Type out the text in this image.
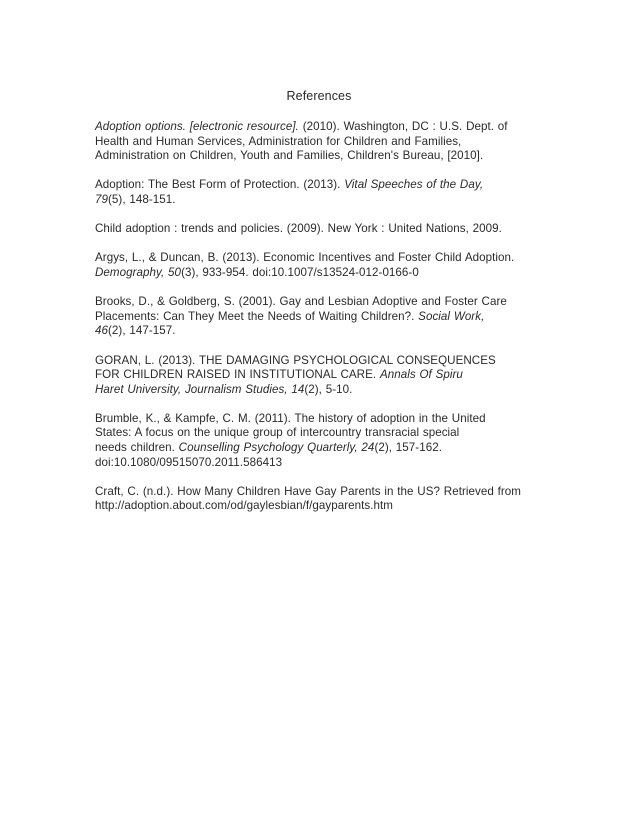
References
Adoption options. [electronic resource]. (2010). Washington, DC : U.S. Dept. of
Health and Human Services, Administration for Children and Families,
Administration on Children, Youth and Families, Children's Bureau, [2010].
Adoption: The Best Form of Protection. (2013). Vital Speeches of the Day,
79(5), 148-151.
Child adoption : trends and policies. (2009). New York : United Nations, 2009.
Argys, L., & Duncan, B. (2013). Economic Incentives and Foster Child Adoption.
Demography, 50(3), 933-954. doi:10.1007/s13524-012-0166-0
Brooks, D., & Goldberg, S. (2001). Gay and Lesbian Adoptive and Foster Care
Placements: Can They Meet the Needs of Waiting Children?. Social Work,
46(2), 147-157.
GORAN, L. (2013). THE DAMAGING PSYCHOLOGICAL CONSEQUENCES
FOR CHILDREN RAISED IN INSTITUTIONAL CARE. Annals Of Spiru
Haret University, Journalism Studies, 14(2), 5-10.
Brumble, K., & Kampfe, C. M. (2011). The history of adoption in the United
States: A focus on the unique group of intercountry transracial special
needs children. Counselling Psychology Quarterly, 24(2), 157-162.
doi:10.1080/09515070.2011.586413
Craft, C. (n.d.). How Many Children Have Gay Parents in the US? Retrieved from
http://adoption.about.com/od/gaylesbian/f/gayparents.htm
